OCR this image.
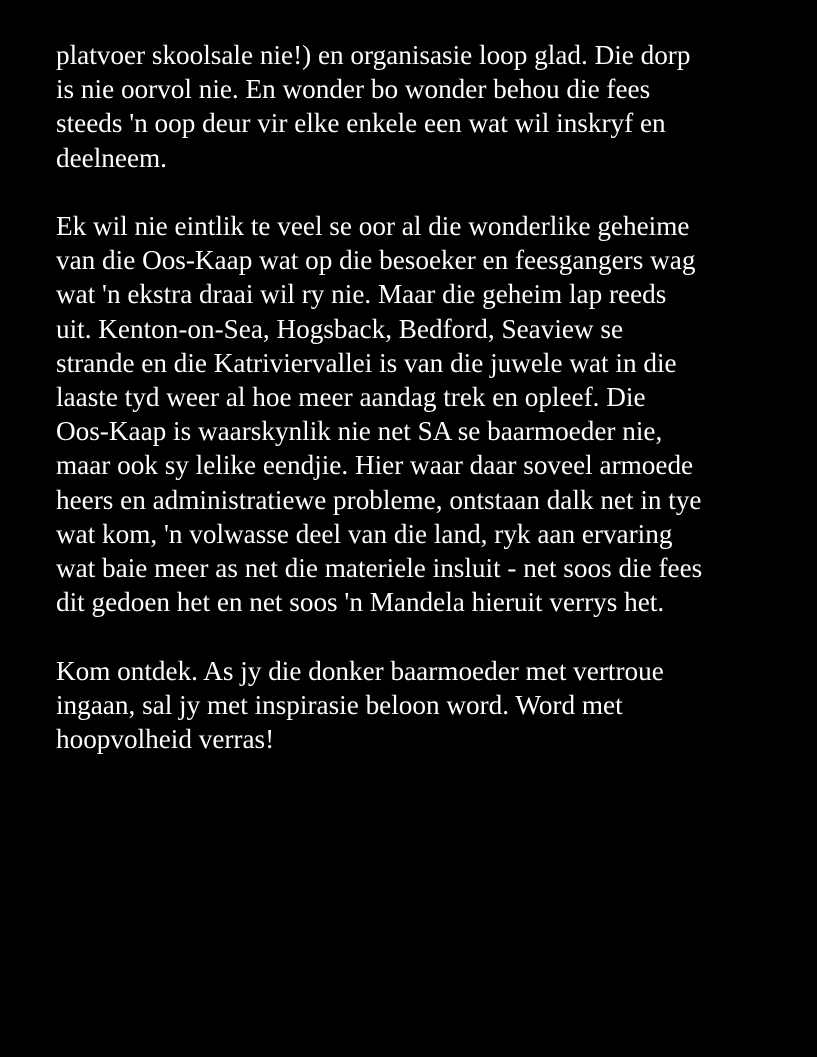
platvoer skoolsale nie!) en organisasie loop glad. Die dorp
is nie oorvol nie. En wonder bo wonder behou die fees
steeds 'n oop deur vir elke enkele een wat wil inskryf en
deelneem.

Ek wil nie eintlik te veel se oor al die wonderlike geheime
van die Oos-Kaap wat op die besoeker en feesgangers wag
wat 'n ekstra draai wil ry nie. Maar die geheim lap reeds
uit. Kenton-on-Sea, Hogsback, Bedford, Seaview se
strande en die Katriviervallei is van die juwele wat in die
laaste tyd weer al hoe meer aandag trek en opleef. Die
Oos-Kaap is waarskynlik nie net SA se baarmoeder nie,
maar ook sy lelike eendjie. Hier waar daar soveel armoede
heers en administratiewe probleme, ontstaan dalk net in tye
wat kom, 'n volwasse deel van die land, ryk aan ervaring
wat baie meer as net die materiele insluit - net soos die fees
dit gedoen het en net soos 'n Mandela hieruit verrys het.

Kom ontdek. As jy die donker baarmoeder met vertroue
ingaan, sal jy met inspirasie beloon word. Word met
hoopvolheid verras!
